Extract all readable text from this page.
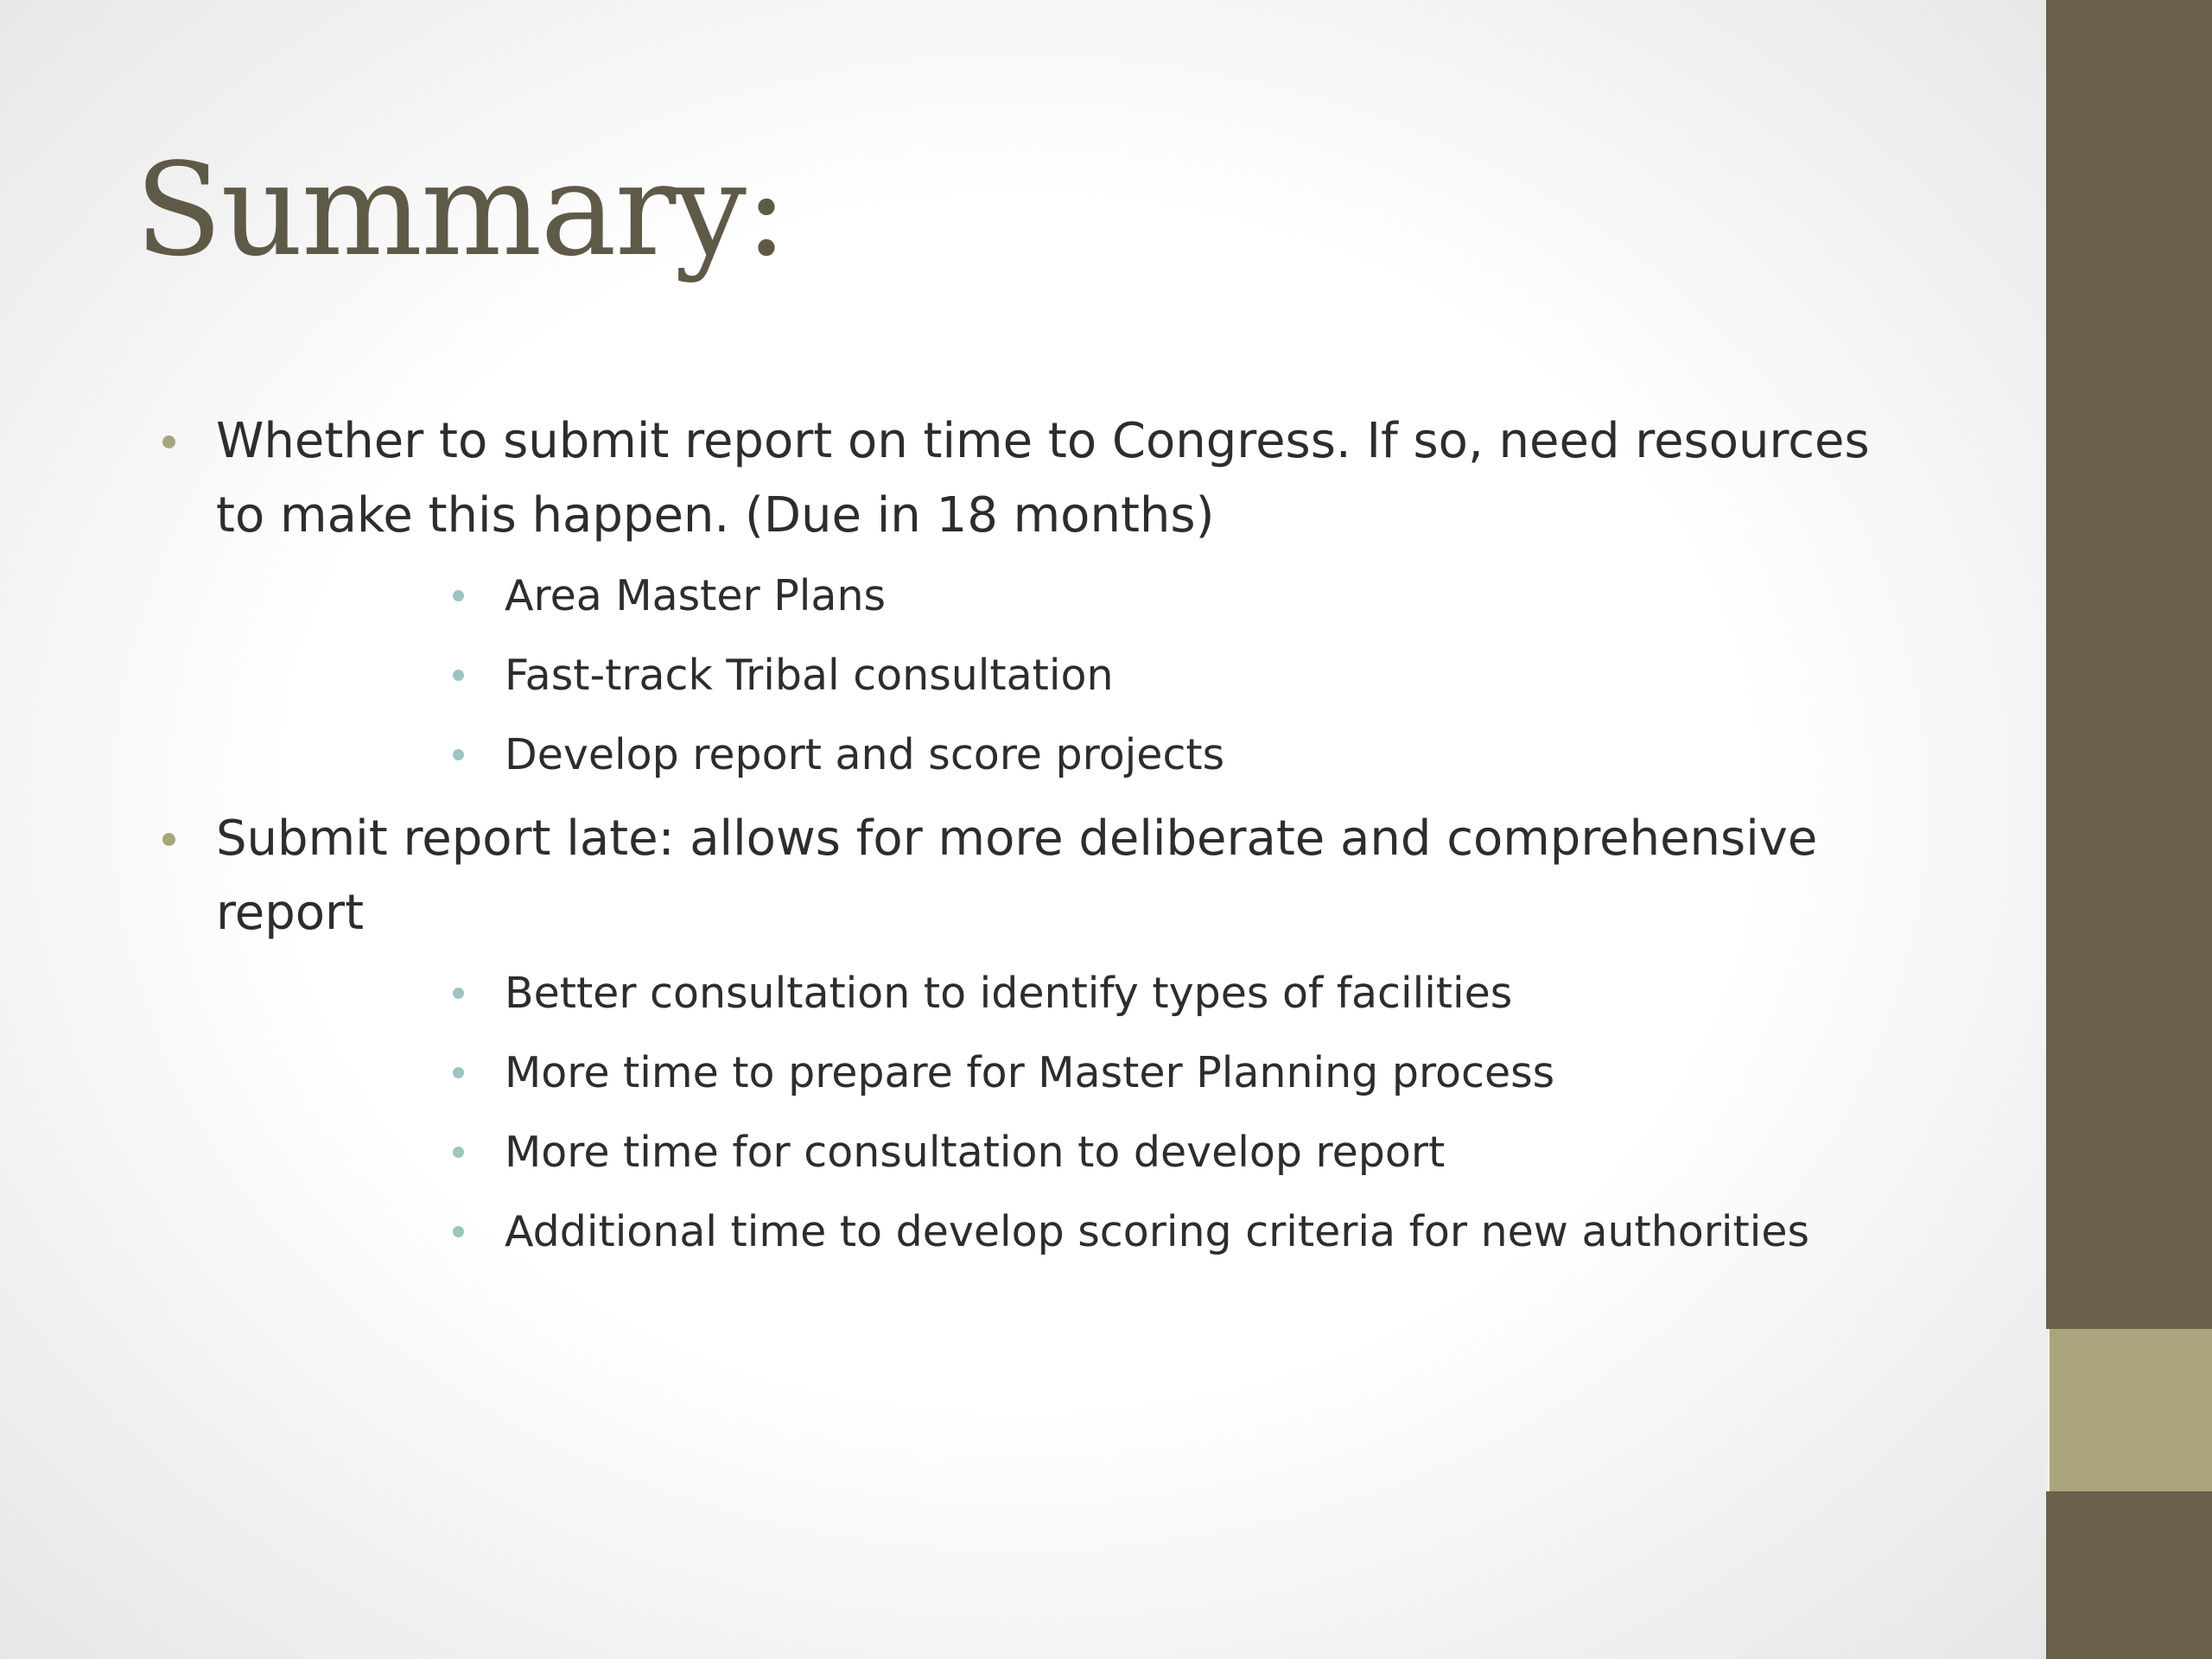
Summary:
Whether to submit report on time to Congress. If so, need resources to make this happen. (Due in 18 months)
Area Master Plans
Fast-track Tribal consultation
Develop report and score projects
Submit report late: allows for more deliberate and comprehensive report
Better consultation to identify types of facilities
More time to prepare for Master Planning process
More time for consultation to develop report
Additional time to develop scoring criteria for new authorities
